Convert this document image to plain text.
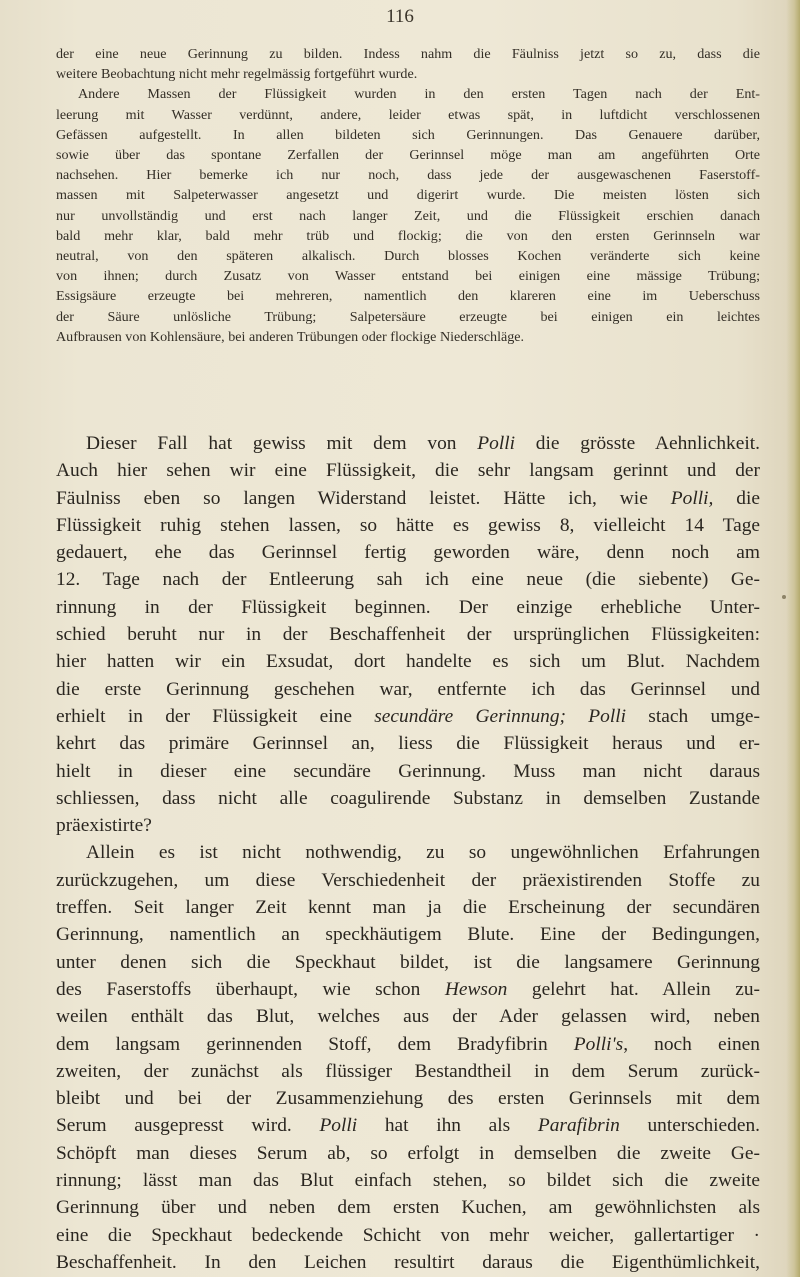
116
der eine neue Gerinnung zu bilden. Indess nahm die Fäulniss jetzt so zu, dass die
weitere Beobachtung nicht mehr regelmässig fortgeführt wurde.
Andere Massen der Flüssigkeit wurden in den ersten Tagen nach der Ent-
leerung mit Wasser verdünnt, andere, leider etwas spät, in luftdicht verschlossenen
Gefässen aufgestellt. In allen bildeten sich Gerinnungen. Das Genauere darüber,
sowie über das spontane Zerfallen der Gerinnsel möge man am angeführten Orte
nachsehen. Hier bemerke ich nur noch, dass jede der ausgewaschenen Faserstoff-
massen mit Salpeterwasser angesetzt und digerirt wurde. Die meisten lösten sich
nur unvollständig und erst nach langer Zeit, und die Flüssigkeit erschien danach
bald mehr klar, bald mehr trüb und flockig; die von den ersten Gerinnseln war
neutral, von den späteren alkalisch. Durch blosses Kochen veränderte sich keine
von ihnen; durch Zusatz von Wasser entstand bei einigen eine mässige Trübung;
Essigsäure erzeugte bei mehreren, namentlich den klareren eine im Ueberschuss
der Säure unlösliche Trübung; Salpetersäure erzeugte bei einigen ein leichtes
Aufbrausen von Kohlensäure, bei anderen Trübungen oder flockige Niederschläge.
Dieser Fall hat gewiss mit dem von Polli die grösste Aehnlichkeit.
Auch hier sehen wir eine Flüssigkeit, die sehr langsam gerinnt und der
Fäulniss eben so langen Widerstand leistet. Hätte ich, wie Polli, die
Flüssigkeit ruhig stehen lassen, so hätte es gewiss 8, vielleicht 14 Tage
gedauert, ehe das Gerinnsel fertig geworden wäre, denn noch am
12. Tage nach der Entleerung sah ich eine neue (die siebente) Ge-
rinnung in der Flüssigkeit beginnen. Der einzige erhebliche Unter-
schied beruht nur in der Beschaffenheit der ursprünglichen Flüssigkeiten:
hier hatten wir ein Exsudat, dort handelte es sich um Blut. Nachdem
die erste Gerinnung geschehen war, entfernte ich das Gerinnsel und
erhielt in der Flüssigkeit eine secundäre Gerinnung; Polli stach umge-
kehrt das primäre Gerinnsel an, liess die Flüssigkeit heraus und er-
hielt in dieser eine secundäre Gerinnung. Muss man nicht daraus
schliessen, dass nicht alle coagulirende Substanz in demselben Zustande
präexistirte?
Allein es ist nicht nothwendig, zu so ungewöhnlichen Erfahrungen
zurückzugehen, um diese Verschiedenheit der präexistirenden Stoffe zu
treffen. Seit langer Zeit kennt man ja die Erscheinung der secundären
Gerinnung, namentlich an speckhäutigem Blute. Eine der Bedingungen,
unter denen sich die Speckhaut bildet, ist die langsamere Gerinnung
des Faserstoffs überhaupt, wie schon Hewson gelehrt hat. Allein zu-
weilen enthält das Blut, welches aus der Ader gelassen wird, neben
dem langsam gerinnenden Stoff, dem Bradyfibrin Polli's, noch einen
zweiten, der zunächst als flüssiger Bestandtheil in dem Serum zurück-
bleibt und bei der Zusammenziehung des ersten Gerinnsels mit dem
Serum ausgepresst wird. Polli hat ihn als Parafibrin unterschieden.
Schöpft man dieses Serum ab, so erfolgt in demselben die zweite Ge-
rinnung; lässt man das Blut einfach stehen, so bildet sich die zweite
Gerinnung über und neben dem ersten Kuchen, am gewöhnlichsten als
eine die Speckhaut bedeckende Schicht von mehr weicher, gallertartiger ·
Beschaffenheit. In den Leichen resultirt daraus die Eigenthümlichkeit,
